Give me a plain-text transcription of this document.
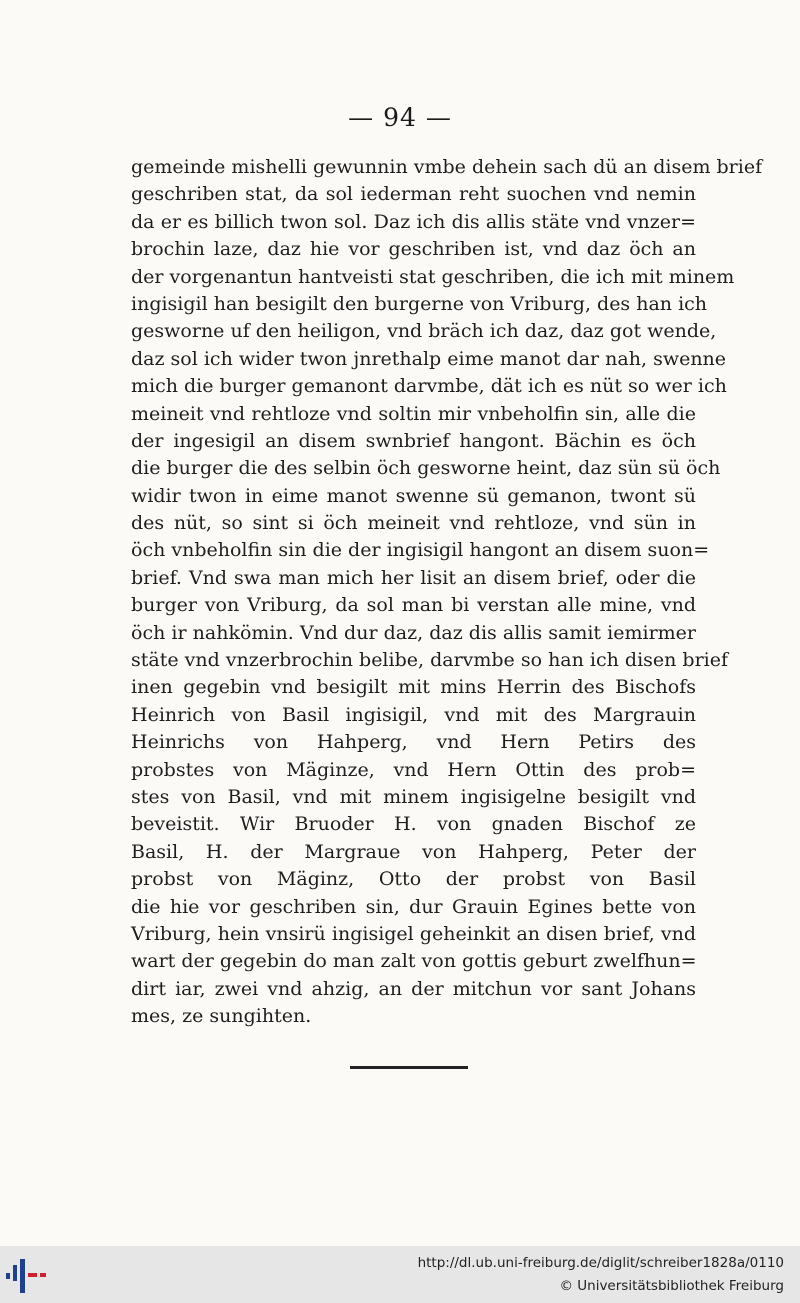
— 94 —
gemeinde mishelli gewunnin vmbe dehein sach dü an disem brief
geschriben stat, da sol iederman reht suochen vnd nemin
da er es billich twon sol. Daz ich dis allis stäte vnd vnzer=
brochin laze, daz hie vor geschriben ist, vnd daz öch an
der vorgenantun hantveisti stat geschriben, die ich mit minem
ingisigil han besigilt den burgerne von Vriburg, des han ich
gesworne uf den heiligon, vnd bräch ich daz, daz got wende,
daz sol ich wider twon jnrethalp eime manot dar nah, swenne
mich die burger gemanont darvmbe, dät ich es nüt so wer ich
meineit vnd rehtloze vnd soltin mir vnbeholfin sin, alle die
der ingesigil an disem swnbrief hangont. Bächin es öch
die burger die des selbin öch gesworne heint, daz sün sü öch
widir twon in eime manot swenne sü gemanon, twont sü
des nüt, so sint si öch meineit vnd rehtloze, vnd sün in
öch vnbeholfin sin die der ingisigil hangont an disem suon=
brief. Vnd swa man mich her lisit an disem brief, oder die
burger von Vriburg, da sol man bi verstan alle mine, vnd
öch ir nahkömin. Vnd dur daz, daz dis allis samit iemirmer
stäte vnd vnzerbrochin belibe, darvmbe so han ich disen brief
inen gegebin vnd besigilt mit mins Herrin des Bischofs
Heinrich von Basil ingisigil, vnd mit des Margrauin
Heinrichs von Hahperg, vnd Hern Petirs des
probstes von Mäginze, vnd Hern Ottin des prob=
stes von Basil, vnd mit minem ingisigelne besigilt vnd
beveistit. Wir Bruoder H. von gnaden Bischof ze
Basil, H. der Margraue von Hahperg, Peter der
probst von Mäginz, Otto der probst von Basil
die hie vor geschriben sin, dur Grauin Egines bette von
Vriburg, hein vnsirü ingisigel geheinkit an disen brief, vnd
wart der gegebin do man zalt von gottis geburt zwelfhun=
dirt iar, zwei vnd ahzig, an der mitchun vor sant Johans
mes, ze sungihten.
http://dl.ub.uni-freiburg.de/diglit/schreiber1828a/0110
© Universitätsbibliothek Freiburg
